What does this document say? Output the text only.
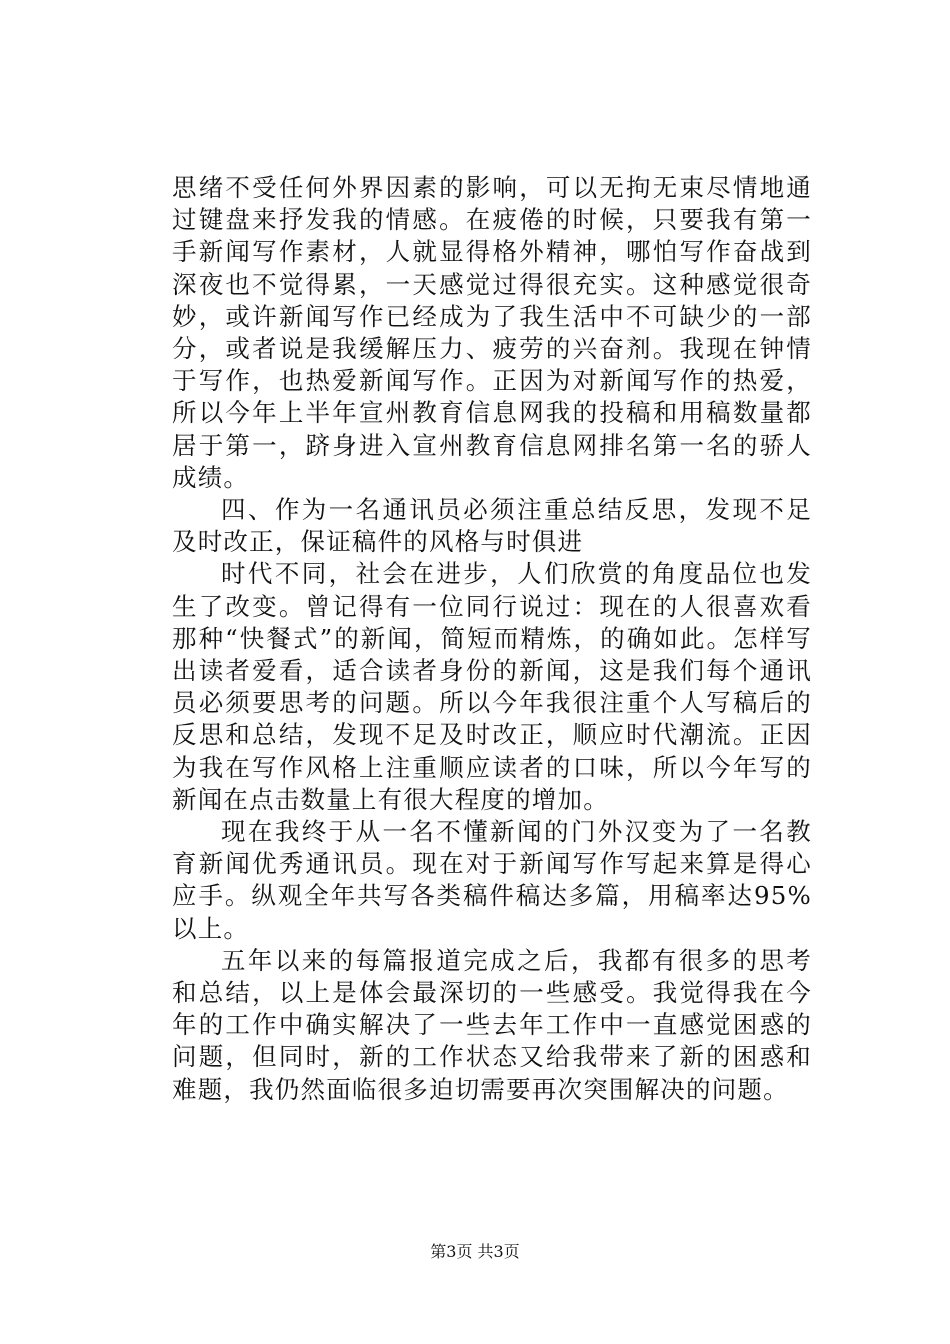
思绪不受任何外界因素的影响，可以无拘无束尽情地通过键盘来抒发我的情感。在疲倦的时候，只要我有第一手新闻写作素材，人就显得格外精神，哪怕写作奋战到深夜也不觉得累，一天感觉过得很充实。这种感觉很奇妙，或许新闻写作已经成为了我生活中不可缺少的一部分，或者说是我缓解压力、疲劳的兴奋剂。我现在钟情于写作，也热爱新闻写作。正因为对新闻写作的热爱，所以今年上半年宣州教育信息网我的投稿和用稿数量都居于第一，跻身进入宣州教育信息网排名第一名的骄人成绩。

四、作为一名通讯员必须注重总结反思，发现不足及时改正，保证稿件的风格与时俱进

时代不同，社会在进步，人们欣赏的角度品位也发生了改变。曾记得有一位同行说过：现在的人很喜欢看那种“快餐式”的新闻，简短而精炼，的确如此。怎样写出读者爱看，适合读者身份的新闻，这是我们每个通讯员必须要思考的问题。所以今年我很注重个人写稿后的反思和总结，发现不足及时改正，顺应时代潮流。正因为我在写作风格上注重顺应读者的口味，所以今年写的新闻在点击数量上有很大程度的增加。

现在我终于从一名不懂新闻的门外汉变为了一名教育新闻优秀通讯员。现在对于新闻写作写起来算是得心应手。纵观全年共写各类稿件稿达多篇，用稿率达95%以上。

五年以来的每篇报道完成之后，我都有很多的思考和总结，以上是体会最深切的一些感受。我觉得我在今年的工作中确实解决了一些去年工作中一直感觉困惑的问题，但同时，新的工作状态又给我带来了新的困惑和难题，我仍然面临很多迫切需要再次突围解决的问题。

第3页 共3页
